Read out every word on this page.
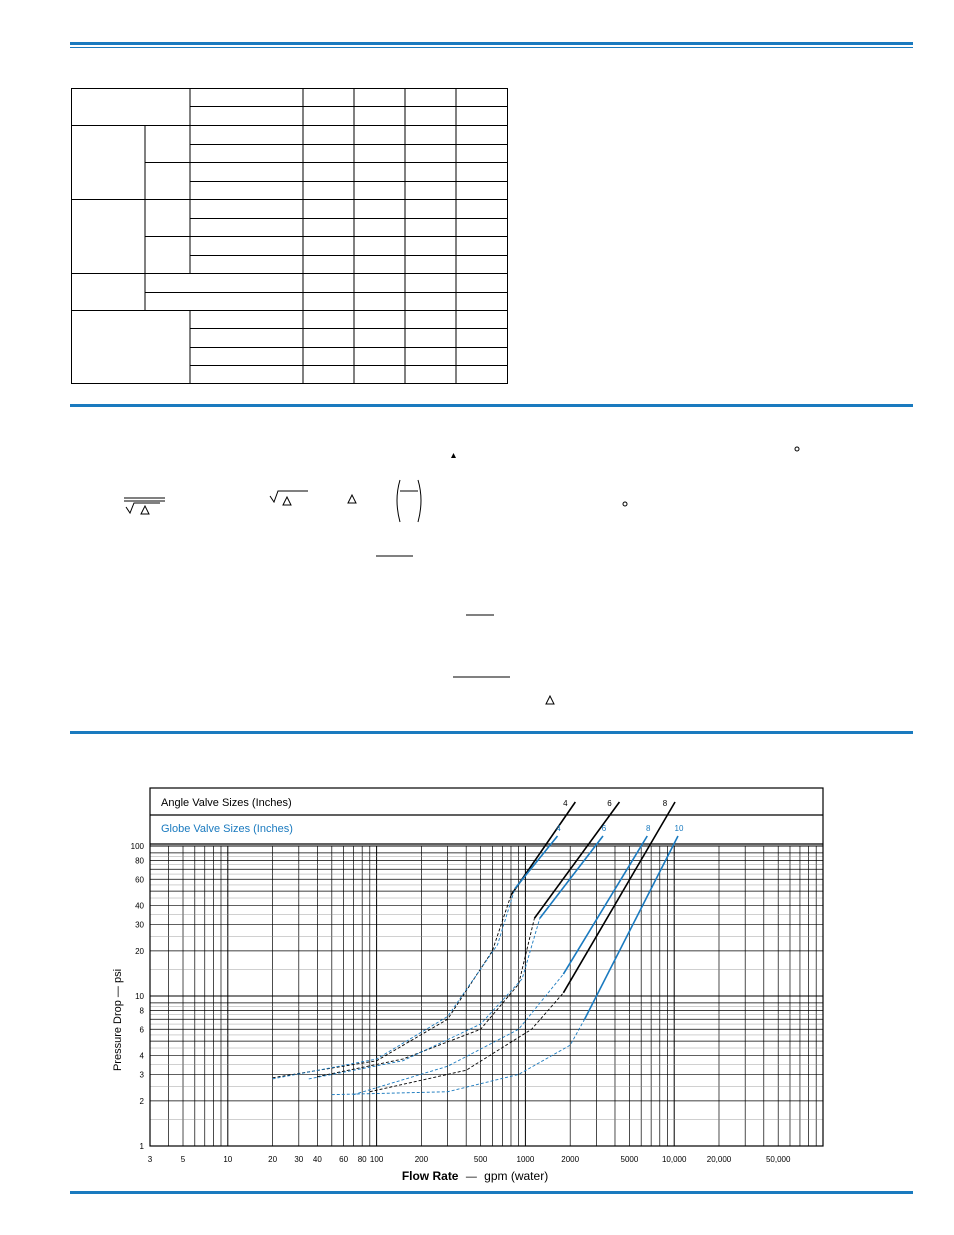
4	6	8
4	6	8	10
3	5	10	20 30 40 60 80 100	200	500	1000	2000	5000	10,000	20,000	50,000
1
2
3
4
6
8
10
20
30
40
60
80
100
Angle Valve Sizes (Inches)
Globe Valve Sizes (Inches)
Pressure Drop — psi
Flow Rate — gpm (water)
